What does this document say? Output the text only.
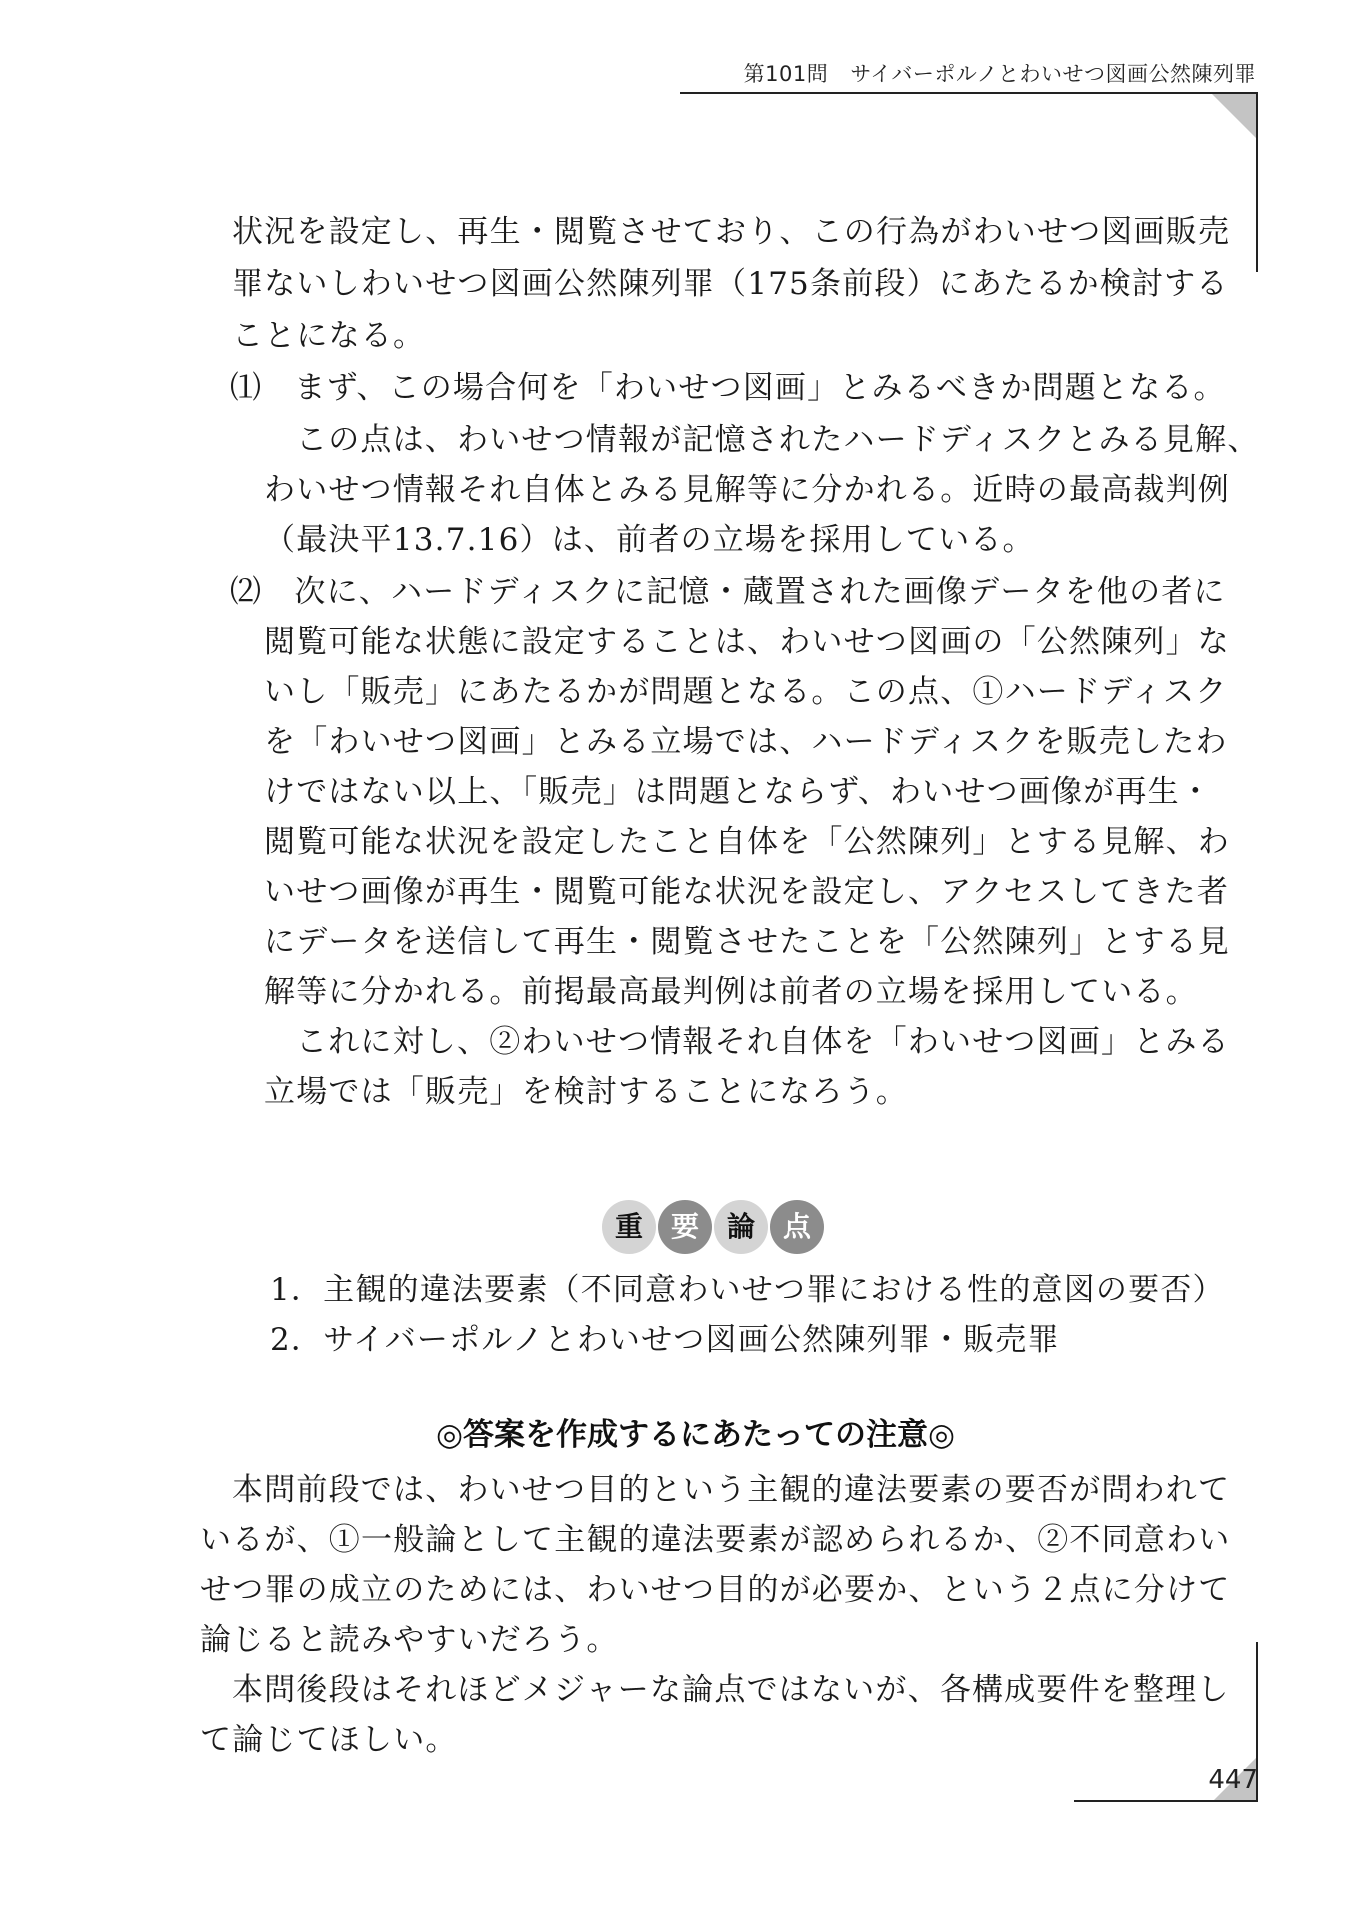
第101問 サイバーポルノとわいせつ図画公然陳列罪
状況を設定し、再生・閲覧させており、この行為がわいせつ図画販売
罪ないしわいせつ図画公然陳列罪（175条前段）にあたるか検討する
ことになる。
⑴　まず、この場合何を「わいせつ図画」とみるべきか問題となる。
この点は、わいせつ情報が記憶されたハードディスクとみる見解、
わいせつ情報それ自体とみる見解等に分かれる。近時の最高裁判例
（最決平13.7.16）は、前者の立場を採用している。
⑵　次に、ハードディスクに記憶・蔵置された画像データを他の者に
閲覧可能な状態に設定することは、わいせつ図画の「公然陳列」な
いし「販売」にあたるかが問題となる。この点、①ハードディスク
を「わいせつ図画」とみる立場では、ハードディスクを販売したわ
けではない以上、「販売」は問題とならず、わいせつ画像が再生・
閲覧可能な状況を設定したこと自体を「公然陳列」とする見解、わ
いせつ画像が再生・閲覧可能な状況を設定し、アクセスしてきた者
にデータを送信して再生・閲覧させたことを「公然陳列」とする見
解等に分かれる。前掲最高最判例は前者の立場を採用している。
これに対し、②わいせつ情報それ自体を「わいせつ図画」とみる
立場では「販売」を検討することになろう。
重 要 論 点
1．主観的違法要素（不同意わいせつ罪における性的意図の要否）
2．サイバーポルノとわいせつ図画公然陳列罪・販売罪
◎答案を作成するにあたっての注意◎
本問前段では、わいせつ目的という主観的違法要素の要否が問われて
いるが、①一般論として主観的違法要素が認められるか、②不同意わい
せつ罪の成立のためには、わいせつ目的が必要か、という２点に分けて
論じると読みやすいだろう。
本問後段はそれほどメジャーな論点ではないが、各構成要件を整理し
て論じてほしい。
447
